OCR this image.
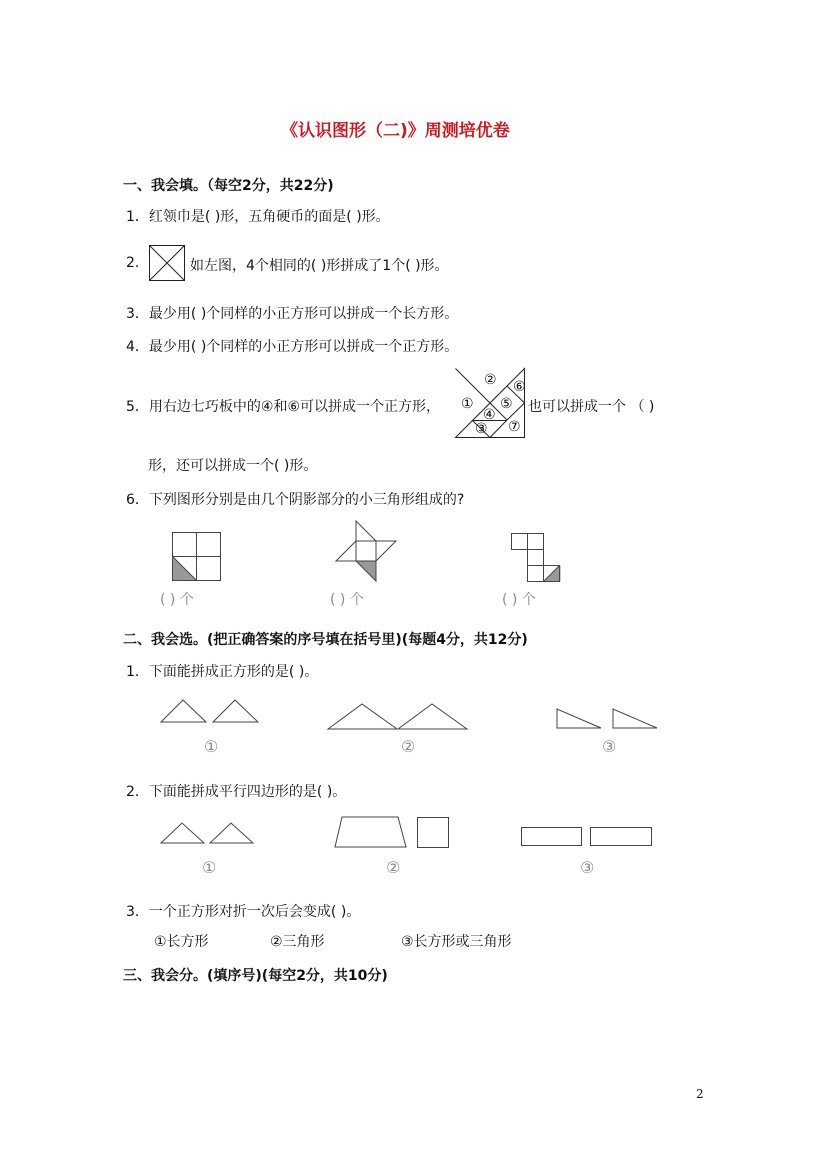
《认识图形（二)》周测培优卷
一、我会填。（每空2分，共22分)
1．红领巾是( )形，五角硬币的面是( )形。
2.	如左图，4个相同的( )形拼成了1个( )形。
3．最少用( )个同样的小正方形可以拼成一个长方形。
4．最少用( )个同样的小正方形可以拼成一个正方形。
5．用右边七巧板中的④和⑥可以拼成一个正方形， ①
②
③
④
⑤
⑥
⑦
也可以拼成一个 （ )
形，还可以拼成一个( )形。
6．下列图形分别是由几个阴影部分的小三角形组成的?
( ) 个	( ) 个	( ) 个
二、我会选。(把正确答案的序号填在括号里)(每题4分，共12分)
1．下面能拼成正方形的是( )。
①	②	③
2．下面能拼成平行四边形的是( )。
①	②	③
3．一个正方形对折一次后会变成( )。
①长方形	②三角形	③长方形或三角形
三、我会分。(填序号)(每空2分，共10分)
2
